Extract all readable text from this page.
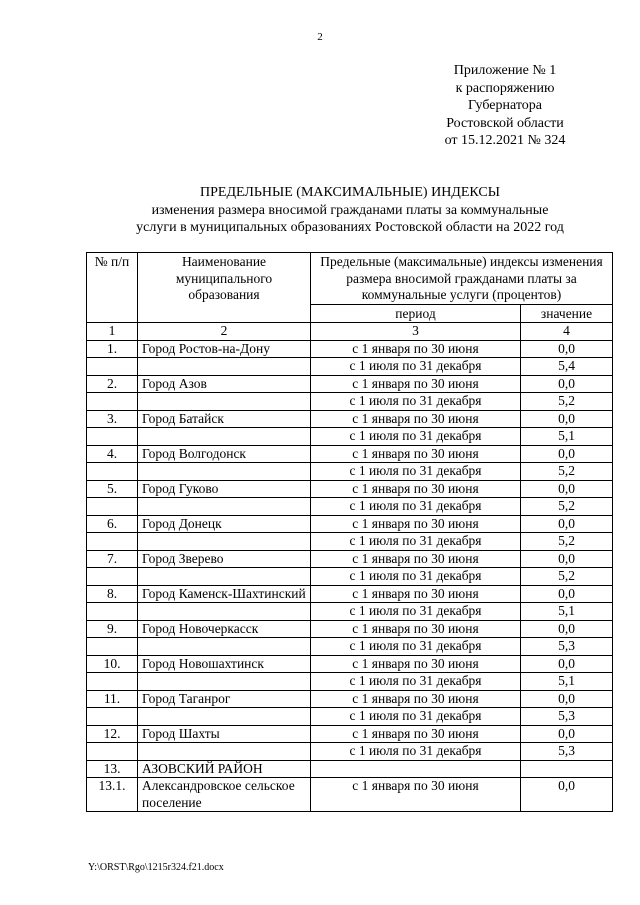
2
Приложение № 1
к распоряжению
Губернатора
Ростовской области
от 15.12.2021 № 324
ПРЕДЕЛЬНЫЕ (МАКСИМАЛЬНЫЕ) ИНДЕКСЫ
изменения размера вносимой гражданами платы за коммунальные
услуги в муниципальных образованиях Ростовской области на 2022 год
№ п/п	Наименование муниципального образования	Предельные (максимальные) индексы изменения размера вносимой гражданами платы за коммунальные услуги (процентов)	
		период	значение
1	2	3	4
1.	Город Ростов-на-Дону	с 1 января по 30 июня	0,0
		с 1 июля по 31 декабря	5,4
2.	Город Азов	с 1 января по 30 июня	0,0
		с 1 июля по 31 декабря	5,2
3.	Город Батайск	с 1 января по 30 июня	0,0
		с 1 июля по 31 декабря	5,1
4.	Город Волгодонск	с 1 января по 30 июня	0,0
		с 1 июля по 31 декабря	5,2
5.	Город Гуково	с 1 января по 30 июня	0,0
		с 1 июля по 31 декабря	5,2
6.	Город Донецк	с 1 января по 30 июня	0,0
		с 1 июля по 31 декабря	5,2
7.	Город Зверево	с 1 января по 30 июня	0,0
		с 1 июля по 31 декабря	5,2
8.	Город Каменск-Шахтинский	с 1 января по 30 июня	0,0
		с 1 июля по 31 декабря	5,1
9.	Город Новочеркасск	с 1 января по 30 июня	0,0
		с 1 июля по 31 декабря	5,3
10.	Город Новошахтинск	с 1 января по 30 июня	0,0
		с 1 июля по 31 декабря	5,1
11.	Город Таганрог	с 1 января по 30 июня	0,0
		с 1 июля по 31 декабря	5,3
12.	Город Шахты	с 1 января по 30 июня	0,0
		с 1 июля по 31 декабря	5,3
13.	АЗОВСКИЙ РАЙОН		
13.1.	Александровское сельское поселение	с 1 января по 30 июня	0,0
Y:\ORST\Rgo\1215r324.f21.docx
